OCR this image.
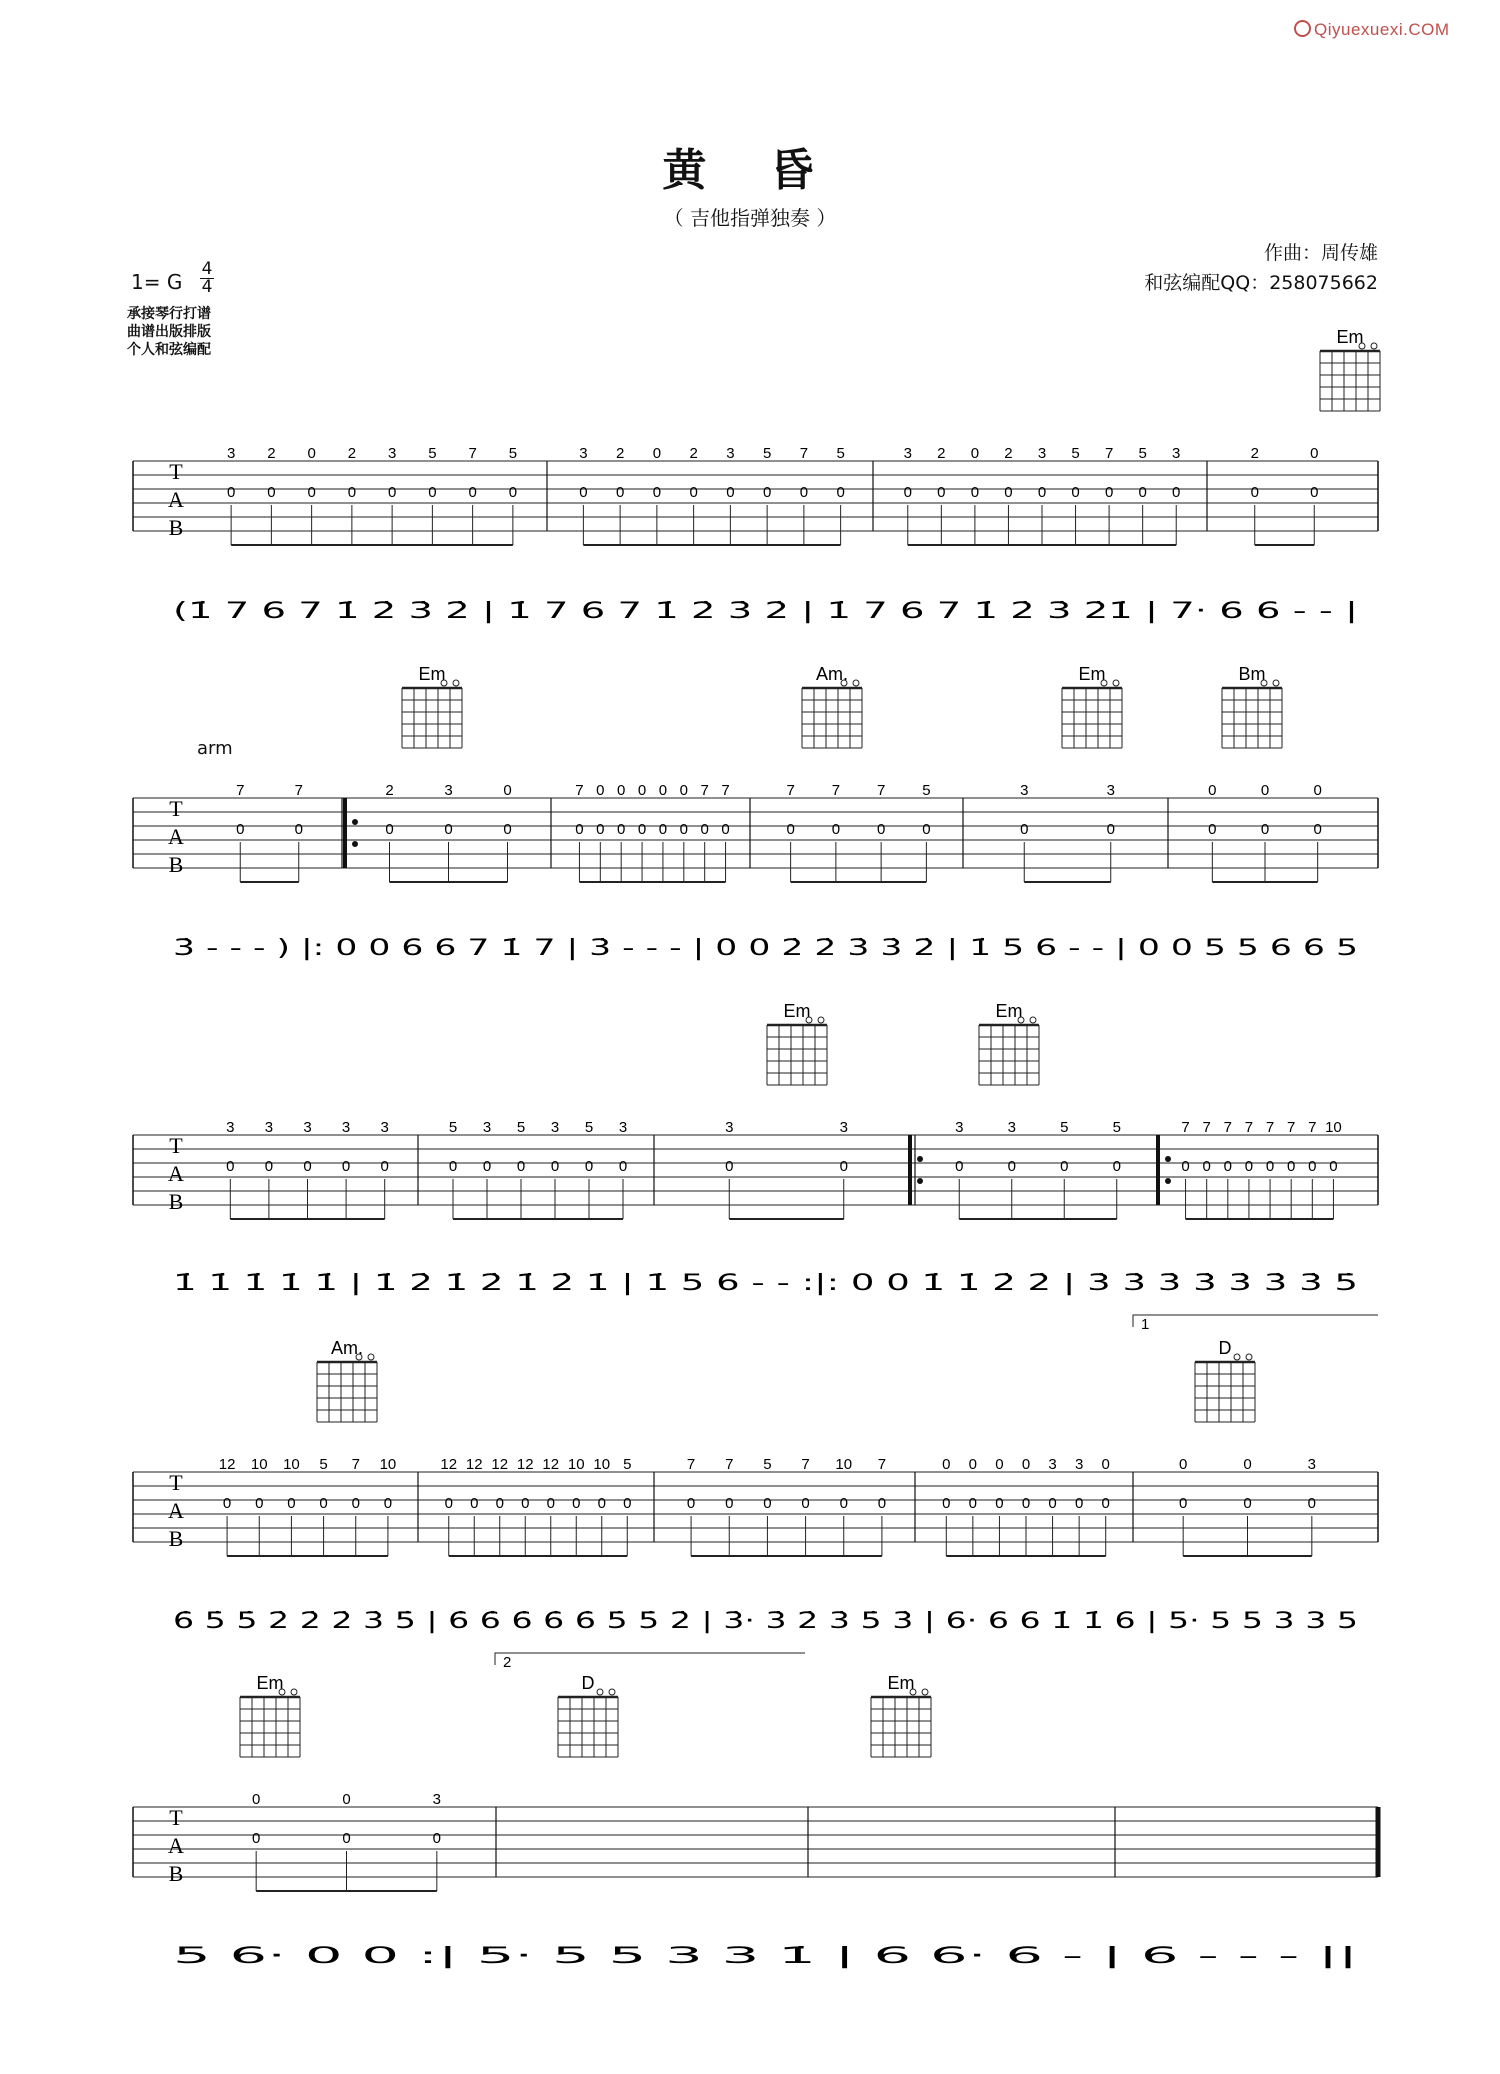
Qiyuexuexi.COM
黄 昏
（ 吉他指弹独奏 ）
作曲：周传雄
和弦编配QQ：258075662
1= G
4
4
承接琴行打谱
曲谱出版排版
个人和弦编配
arm
T
A
B
3
0
2
0
0
0
2
0
3
0
5
0
7
0
5
0
3
0
2
0
0
0
2
0
3
0
5
0
7
0
5
0
3
0
2
0
0
0
2
0
3
0
5
0
7
0
5
0
3
0
2
0
0
0
(1̇ 7 6 7 1̇ 2̇ 3̇ 2̇ | 1̇ 7 6 7 1̇ 2̇ 3̇ 2̇ | 1̇ 7 6 7 1̇ 2̇ 3̇ 2̇1̇ | 7· 6 6 - - |
Em
T
A
B
7
0
7
0
2
0
3
0
0
0
7
0
0
0
0
0
0
0
0
0
0
0
7
0
7
0
7
0
7
0
7
0
5
0
3
0
3
0
0
0
0
0
0
0
3̇ - - - ) |: 0 0 6 6 7 1̇ 7 | 3̇ - - - | 0 0 2̇ 2̇ 3̇ 3̇ 2̇ | 1̇ 5 6 - - | 0 0 5 5 6 6 5
Em	Am.	Em	Bm
T
A
B
3
0
3
0
3
0
3
0
3
0
5
0
3
0
5
0
3
0
5
0
3
0
3
0
3
0
3
0
3
0
5
0
5
0
7
0
7
0
7
0
7
0
7
0
7
0
7
0
10
0
1̇ 1̇ 1̇ 1̇ 1̇ | 1̇ 2̇ 1̇ 2̇ 1̇ 2̇ 1̇ | 1̇ 5 6 - - :|: 0 0 1̇ 1̇ 2̇ 2̇ | 3̇ 3̇ 3̇ 3̇ 3̇ 3̇ 3̇ 5̇
1
Em	Em
T
A
B
12
0
10
0
10
0
5
0
7
0
10
0
12
0
12
0
12
0
12
0
12
0
10
0
10
0
5
0
7
0
7
0
5
0
7
0
10
0
7
0
0
0
0
0
0
0
0
0
3
0
3
0
0
0
0
0
0
0
3
0
6̇ 5̇ 5̇ 2̇ 2̇ 2̇ 3̇ 5̇ | 6̇ 6̇ 6̇ 6̇ 6̇ 5̇ 5̇ 2̇ | 3̇· 3̇ 2̇ 3̇ 5̇ 3̇ | 6· 6 6 1̇ 1̇ 6 | 5· 5 5 3 3 5
2
Am.	D
T
A
B
0
0
0
0
3
0
5 6· 0 0 :| 5· 5 5 3 3 1̇ | 6 6· 6 - | 6 - - - ||
Em	D	Em
